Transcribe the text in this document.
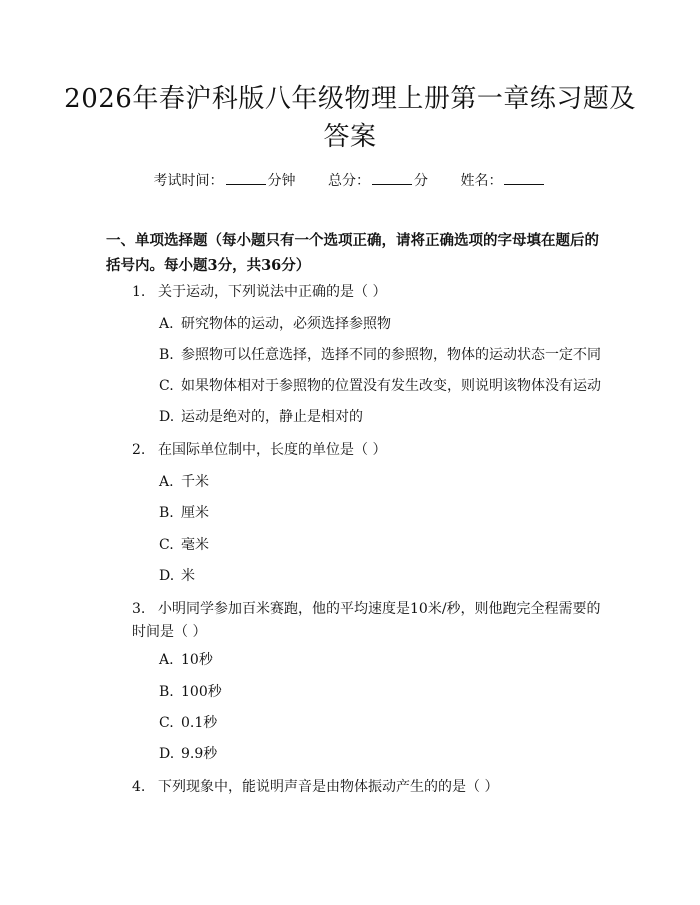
2026年春沪科版八年级物理上册第一章练习题及答案
考试时间：	分钟 总分：	分 姓名：
一、单项选择题（每小题只有一个选项正确，请将正确选项的字母填在题后的括号内。每小题3分，共36分）
1. 关于运动，下列说法中正确的是（ ）
A. 研究物体的运动，必须选择参照物
B. 参照物可以任意选择，选择不同的参照物，物体的运动状态一定不同
C. 如果物体相对于参照物的位置没有发生改变，则说明该物体没有运动
D. 运动是绝对的，静止是相对的
2. 在国际单位制中，长度的单位是（ ）
A. 千米
B. 厘米
C. 毫米
D. 米
3. 小明同学参加百米赛跑，他的平均速度是10米/秒，则他跑完全程需要的时间是（ ）
A. 10秒
B. 100秒
C. 0.1秒
D. 9.9秒
4. 下列现象中，能说明声音是由物体振动产生的的是（ ）
